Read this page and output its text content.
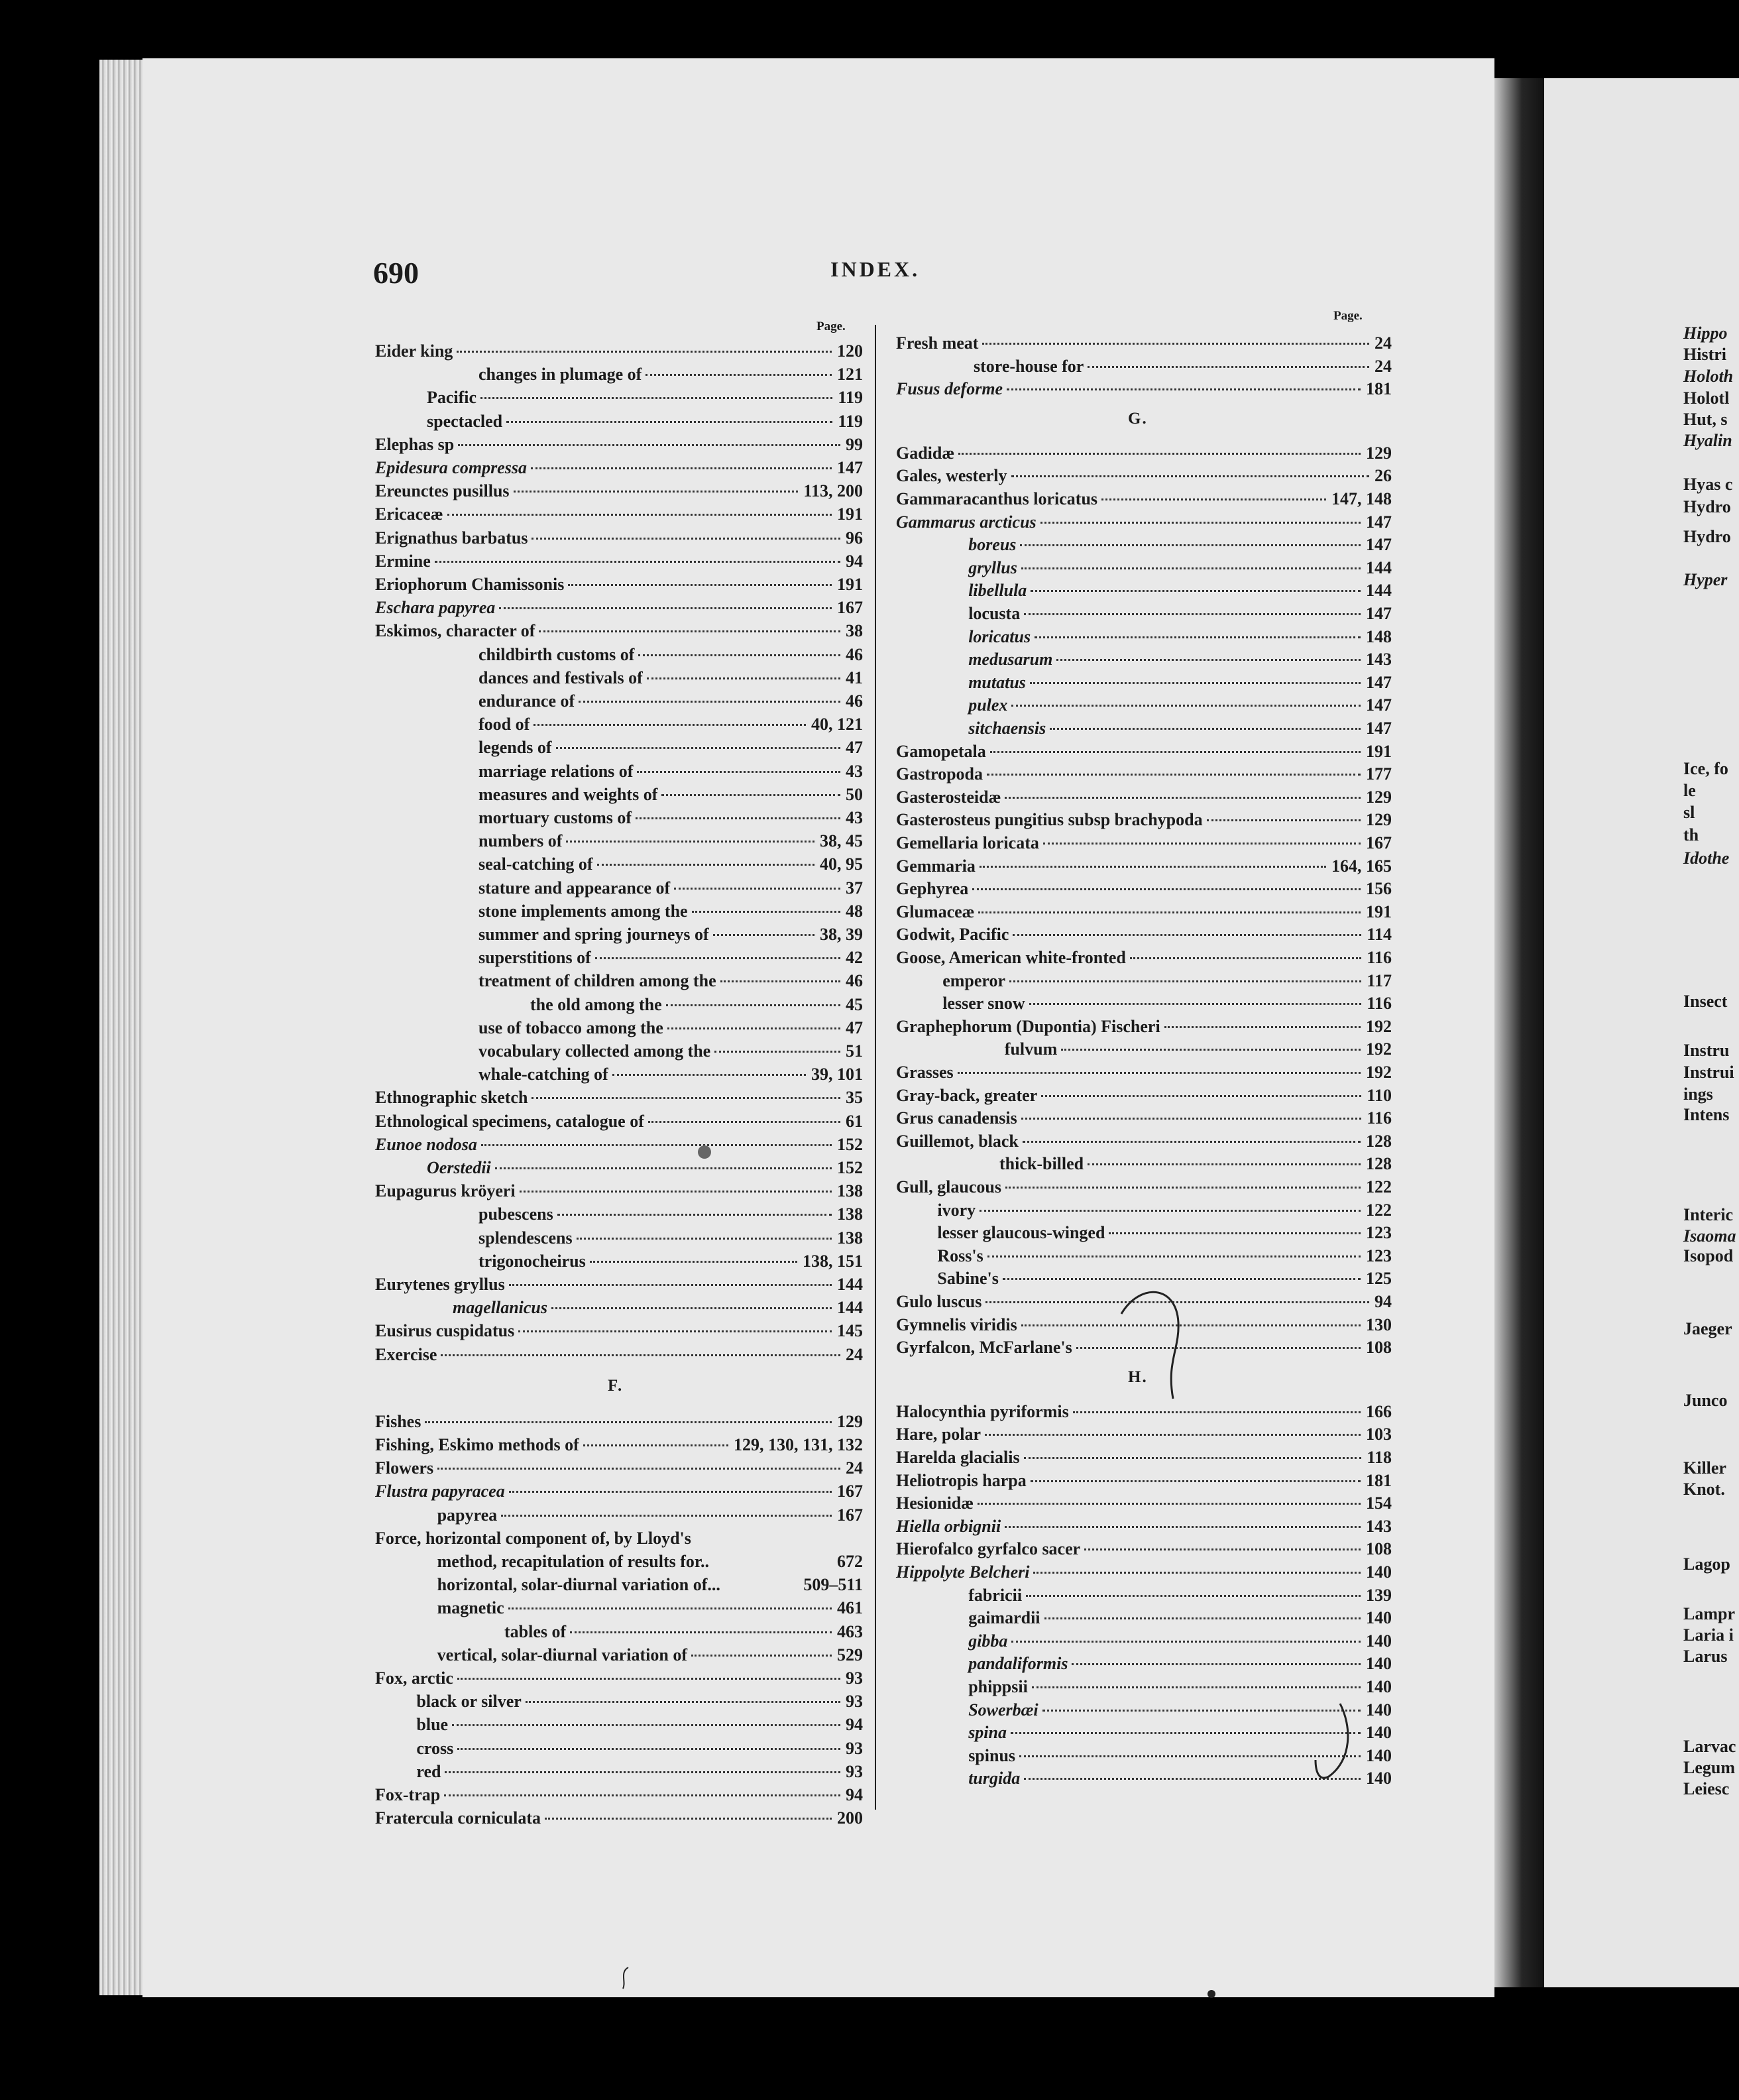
690	INDEX.
Page.
Page.
Eider king	120
changes in plumage of	121
Pacific	119
spectacled	119
Elephas sp	99
Epidesura compressa	147
Ereunctes pusillus	113, 200
Ericaceæ	191
Erignathus barbatus	96
Ermine	94
Eriophorum Chamissonis	191
Eschara papyrea	167
Eskimos, character of	38
childbirth customs of	46
dances and festivals of	41
endurance of	46
food of	40, 121
legends of	47
marriage relations of	43
measures and weights of	50
mortuary customs of	43
numbers of	38, 45
seal-catching of	40, 95
stature and appearance of	37
stone implements among the	48
summer and spring journeys of	38, 39
superstitions of	42
treatment of children among the	46
the old among the	45
use of tobacco among the	47
vocabulary collected among the	51
whale-catching of	39, 101
Ethnographic sketch	35
Ethnological specimens, catalogue of	61
Eunoe nodosa	152
Oerstedii	152
Eupagurus kröyeri	138
pubescens	138
splendescens	138
trigonocheirus	138, 151
Eurytenes gryllus	144
magellanicus	144
Eusirus cuspidatus	145
Exercise	24
F.
Fishes	129
Fishing, Eskimo methods of	129, 130, 131, 132
Flowers	24
Flustra papyracea	167
papyrea	167
Force, horizontal component of, by Lloyd's
method, recapitulation of results for..	672
horizontal, solar-diurnal variation of...	509–511
magnetic	461
tables of	463
vertical, solar-diurnal variation of	529
Fox, arctic	93
black or silver	93
blue	94
cross	93
red	93
Fox-trap	94
Fratercula corniculata	200
Fresh meat	24
store-house for	24
Fusus deforme	181
G.
Gadidæ	129
Gales, westerly	26
Gammaracanthus loricatus	147, 148
Gammarus arcticus	147
boreus	147
gryllus	144
libellula	144
locusta	147
loricatus	148
medusarum	143
mutatus	147
pulex	147
sitchaensis	147
Gamopetala	191
Gastropoda	177
Gasterosteidæ	129
Gasterosteus pungitius subsp brachypoda	129
Gemellaria loricata	167
Gemmaria	164, 165
Gephyrea	156
Glumaceæ	191
Godwit, Pacific	114
Goose, American white-fronted	116
emperor	117
lesser snow	116
Graphephorum (Dupontia) Fischeri	192
fulvum	192
Grasses	192
Gray-back, greater	110
Grus canadensis	116
Guillemot, black	128
thick-billed	128
Gull, glaucous	122
ivory	122
lesser glaucous-winged	123
Ross's	123
Sabine's	125
Gulo luscus	94
Gymnelis viridis	130
Gyrfalcon, McFarlane's	108
H.
Halocynthia pyriformis	166
Hare, polar	103
Harelda glacialis	118
Heliotropis harpa	181
Hesionidæ	154
Hiella orbignii	143
Hierofalco gyrfalco sacer	108
Hippolyte Belcheri	140
fabricii	139
gaimardii	140
gibba	140
pandaliformis	140
phippsii	140
Sowerbæi	140
spina	140
spinus	140
turgida	140
Hippo
Histri
Holoth
Holotl
Hut, s
Hyalin
Hyas c
Hydro
Hydro
Hyper
Ice, fo
le
sl
th
Idothe
Insect
Instru
Instrui
ings
Intens
Interic
Isaoma
Isopod
Jaeger
Junco
Killer
Knot.
Lagop
Lampr
Laria i
Larus
Larvac
Legum
Leiesc
